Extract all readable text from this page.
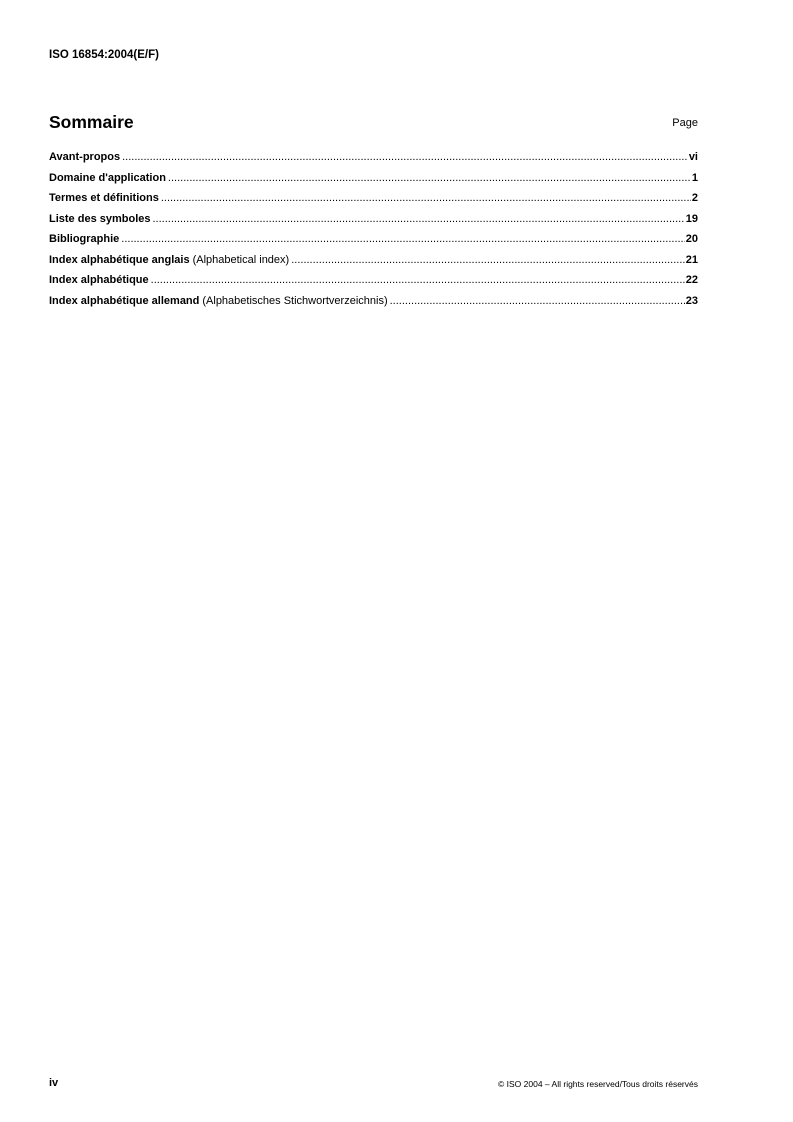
ISO 16854:2004(E/F)
Sommaire	Page
Avant-propos .....	vi
Domaine d'application .....	1
Termes et définitions .....	2
Liste des symboles .....	19
Bibliographie .....	20
Index alphabétique anglais (Alphabetical index) .....	21
Index alphabétique .....	22
Index alphabétique allemand (Alphabetisches Stichwortverzeichnis) .....	23
iv	© ISO 2004 – All rights reserved/Tous droits réservés
